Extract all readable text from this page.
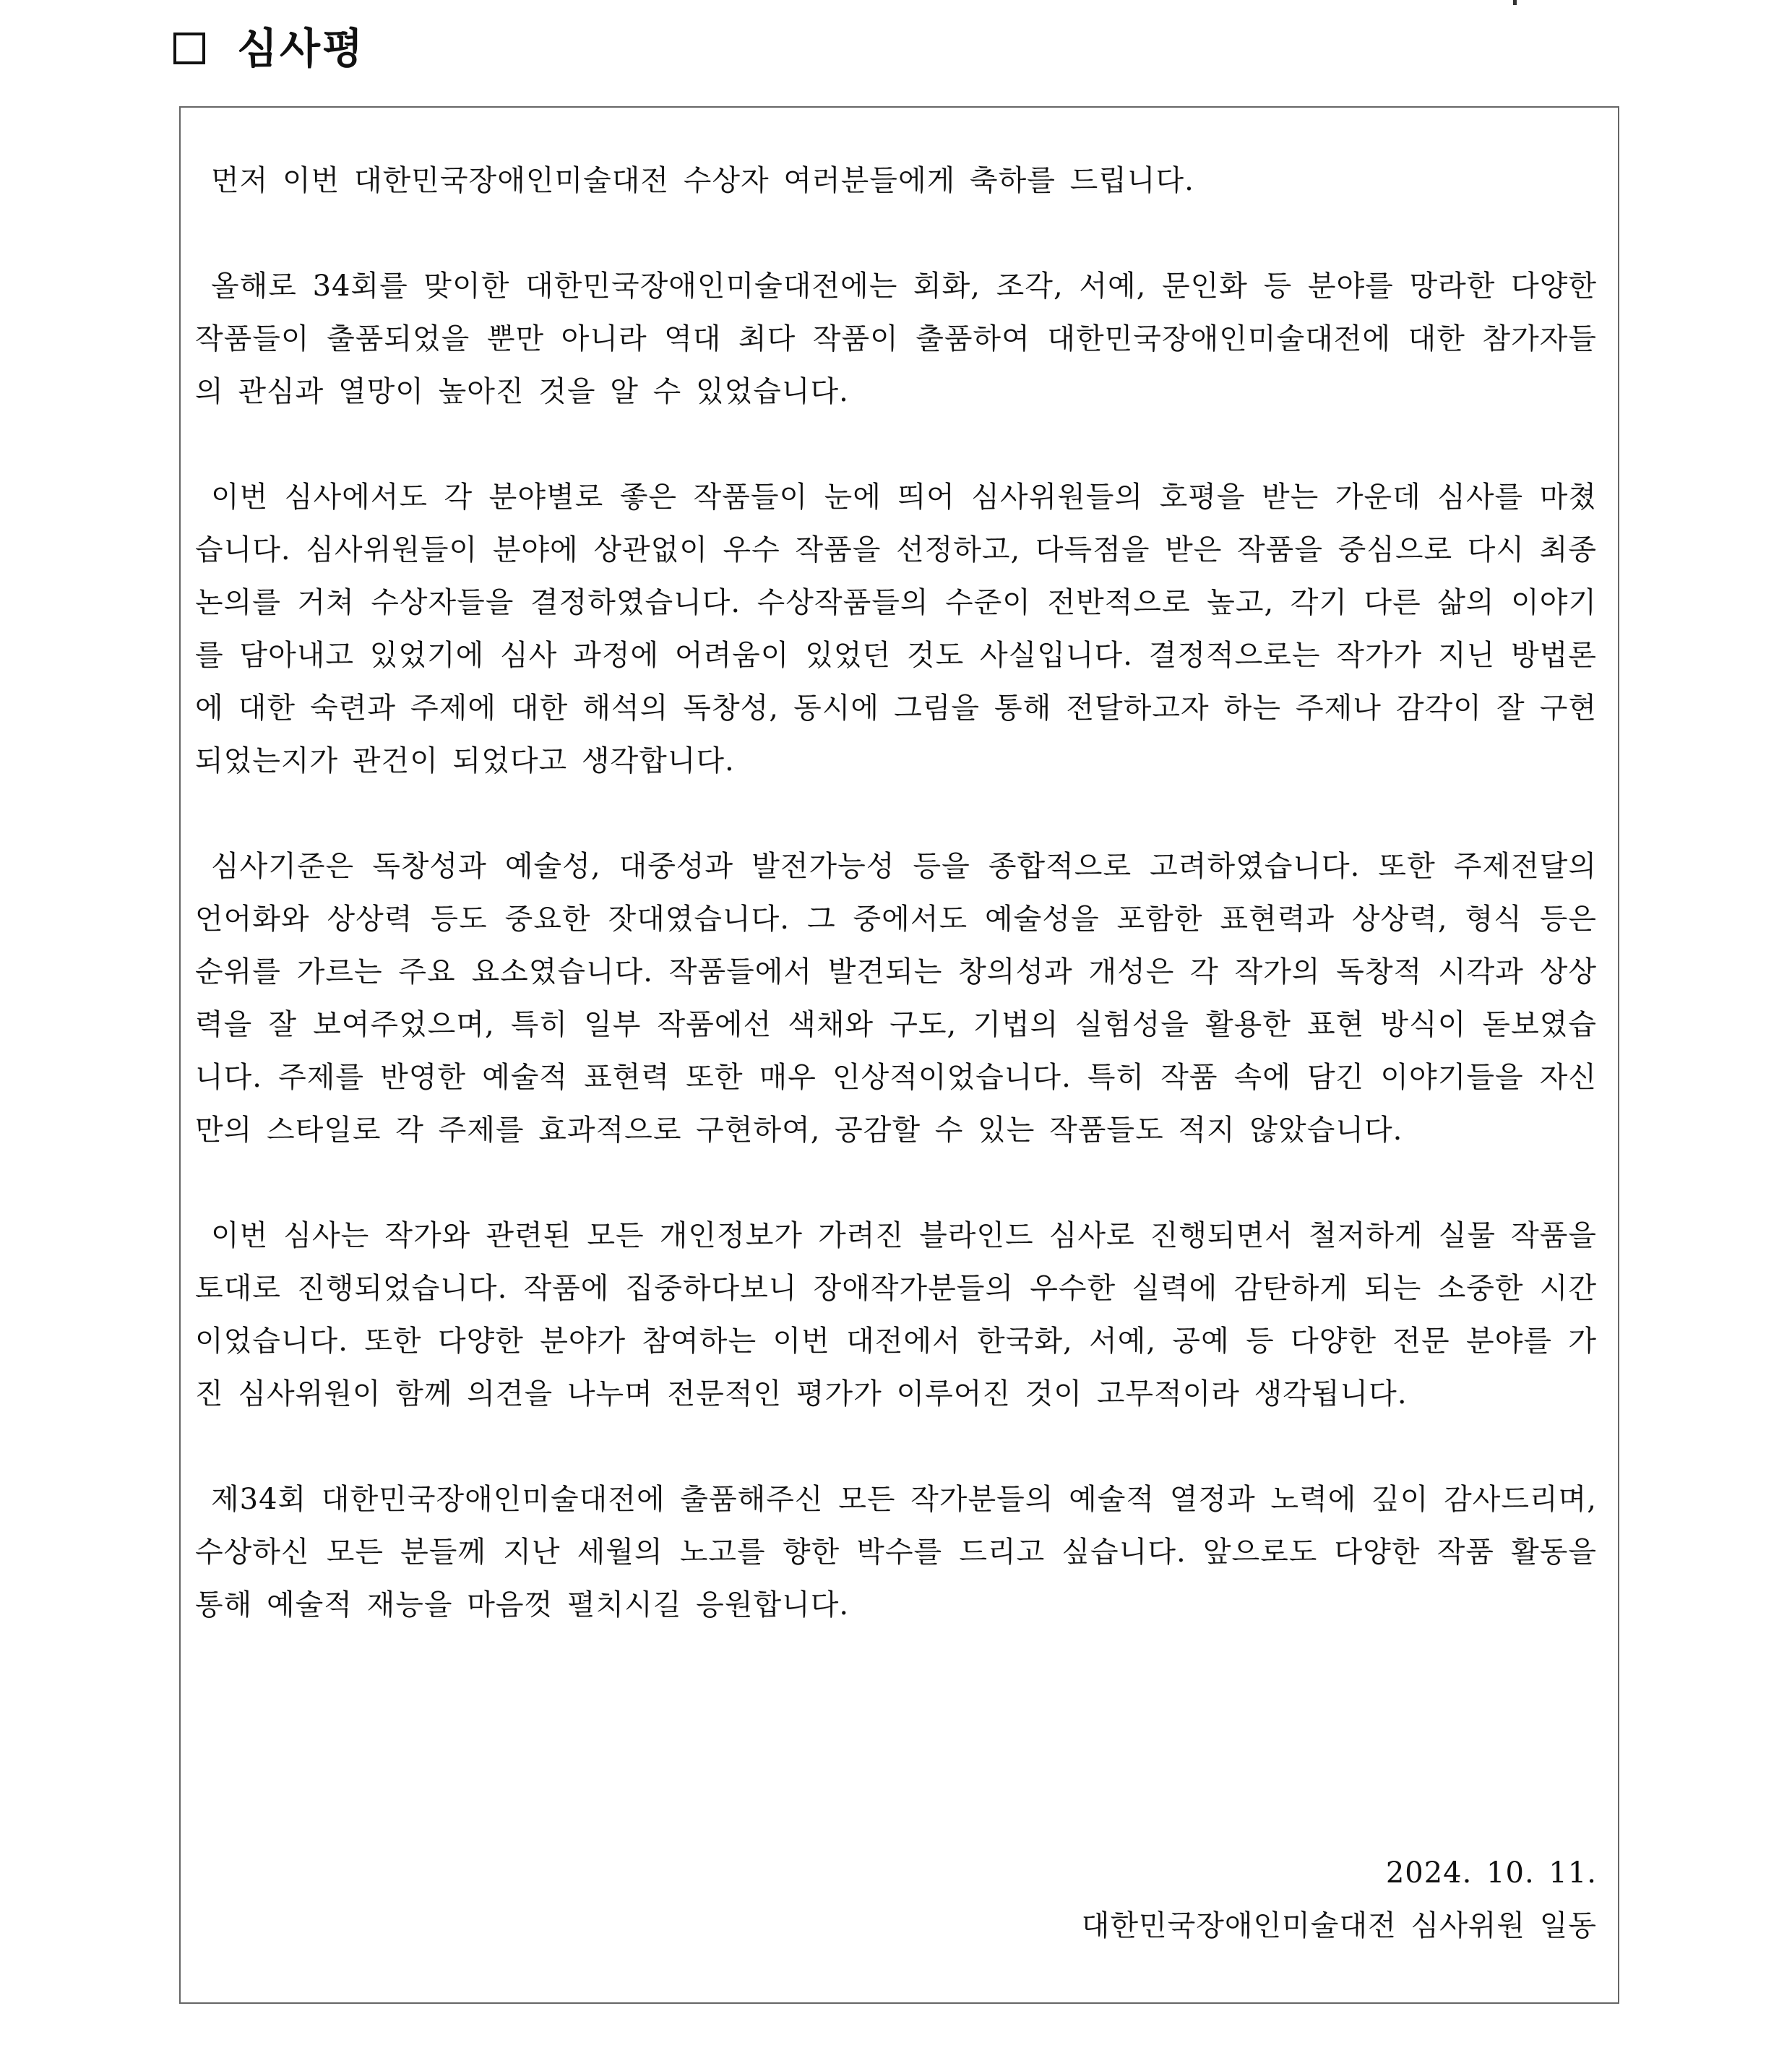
심사평

먼저 이번 대한민국장애인미술대전 수상자 여러분들에게 축하를 드립니다.

올해로 34회를 맞이한 대한민국장애인미술대전에는 회화, 조각, 서예, 문인화 등 분야를 망라한 다양한 작품들이 출품되었을 뿐만 아니라 역대 최다 작품이 출품하여 대한민국장애인미술대전에 대한 참가자들의 관심과 열망이 높아진 것을 알 수 있었습니다.

이번 심사에서도 각 분야별로 좋은 작품들이 눈에 띄어 심사위원들의 호평을 받는 가운데 심사를 마쳤습니다. 심사위원들이 분야에 상관없이 우수 작품을 선정하고, 다득점을 받은 작품을 중심으로 다시 최종 논의를 거쳐 수상자들을 결정하였습니다. 수상작품들의 수준이 전반적으로 높고, 각기 다른 삶의 이야기를 담아내고 있었기에 심사 과정에 어려움이 있었던 것도 사실입니다. 결정적으로는 작가가 지닌 방법론에 대한 숙련과 주제에 대한 해석의 독창성, 동시에 그림을 통해 전달하고자 하는 주제나 감각이 잘 구현되었는지가 관건이 되었다고 생각합니다.

심사기준은 독창성과 예술성, 대중성과 발전가능성 등을 종합적으로 고려하였습니다. 또한 주제전달의 언어화와 상상력 등도 중요한 잣대였습니다. 그 중에서도 예술성을 포함한 표현력과 상상력, 형식 등은 순위를 가르는 주요 요소였습니다. 작품들에서 발견되는 창의성과 개성은 각 작가의 독창적 시각과 상상력을 잘 보여주었으며, 특히 일부 작품에선 색채와 구도, 기법의 실험성을 활용한 표현 방식이 돋보였습니다. 주제를 반영한 예술적 표현력 또한 매우 인상적이었습니다. 특히 작품 속에 담긴 이야기들을 자신만의 스타일로 각 주제를 효과적으로 구현하여, 공감할 수 있는 작품들도 적지 않았습니다.

이번 심사는 작가와 관련된 모든 개인정보가 가려진 블라인드 심사로 진행되면서 철저하게 실물 작품을 토대로 진행되었습니다. 작품에 집중하다보니 장애작가분들의 우수한 실력에 감탄하게 되는 소중한 시간이었습니다. 또한 다양한 분야가 참여하는 이번 대전에서 한국화, 서예, 공예 등 다양한 전문 분야를 가진 심사위원이 함께 의견을 나누며 전문적인 평가가 이루어진 것이 고무적이라 생각됩니다.

제34회 대한민국장애인미술대전에 출품해주신 모든 작가분들의 예술적 열정과 노력에 깊이 감사드리며, 수상하신 모든 분들께 지난 세월의 노고를 향한 박수를 드리고 싶습니다. 앞으로도 다양한 작품 활동을 통해 예술적 재능을 마음껏 펼치시길 응원합니다.

2024. 10. 11.
대한민국장애인미술대전 심사위원 일동
